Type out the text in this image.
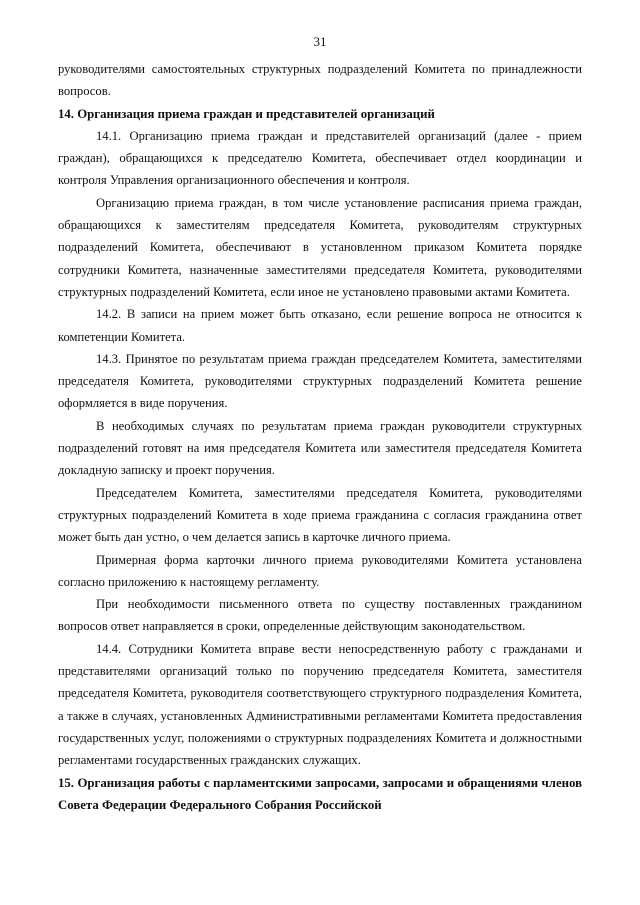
31

руководителями самостоятельных структурных подразделений Комитета по принадлежности вопросов.

14. Организация приема граждан и представителей организаций

14.1. Организацию приема граждан и представителей организаций (далее - прием граждан), обращающихся к председателю Комитета, обеспечивает отдел координации и контроля Управления организационного обеспечения и контроля.

Организацию приема граждан, в том числе установление расписания приема граждан, обращающихся к заместителям председателя Комитета, руководителям структурных подразделений Комитета, обеспечивают в установленном приказом Комитета порядке сотрудники Комитета, назначенные заместителями председателя Комитета, руководителями структурных подразделений Комитета, если иное не установлено правовыми актами Комитета.

14.2. В записи на прием может быть отказано, если решение вопроса не относится к компетенции Комитета.

14.3. Принятое по результатам приема граждан председателем Комитета, заместителями председателя Комитета, руководителями структурных подразделений Комитета решение оформляется в виде поручения.

В необходимых случаях по результатам приема граждан руководители структурных подразделений готовят на имя председателя Комитета или заместителя председателя Комитета докладную записку и проект поручения.

Председателем Комитета, заместителями председателя Комитета, руководителями структурных подразделений Комитета в ходе приема гражданина с согласия гражданина ответ может быть дан устно, о чем делается запись в карточке личного приема.

Примерная форма карточки личного приема руководителями Комитета установлена согласно приложению к настоящему регламенту.

При необходимости письменного ответа по существу поставленных гражданином вопросов ответ направляется в сроки, определенные действующим законодательством.

14.4. Сотрудники Комитета вправе вести непосредственную работу с гражданами и представителями организаций только по поручению председателя Комитета, заместителя председателя Комитета, руководителя соответствующего структурного подразделения Комитета, а также в случаях, установленных Административными регламентами Комитета предоставления государственных услуг, положениями о структурных подразделениях Комитета и должностными регламентами государственных гражданских служащих.

15. Организация работы с парламентскими запросами, запросами и обращениями членов Совета Федерации Федерального Собрания Российской
